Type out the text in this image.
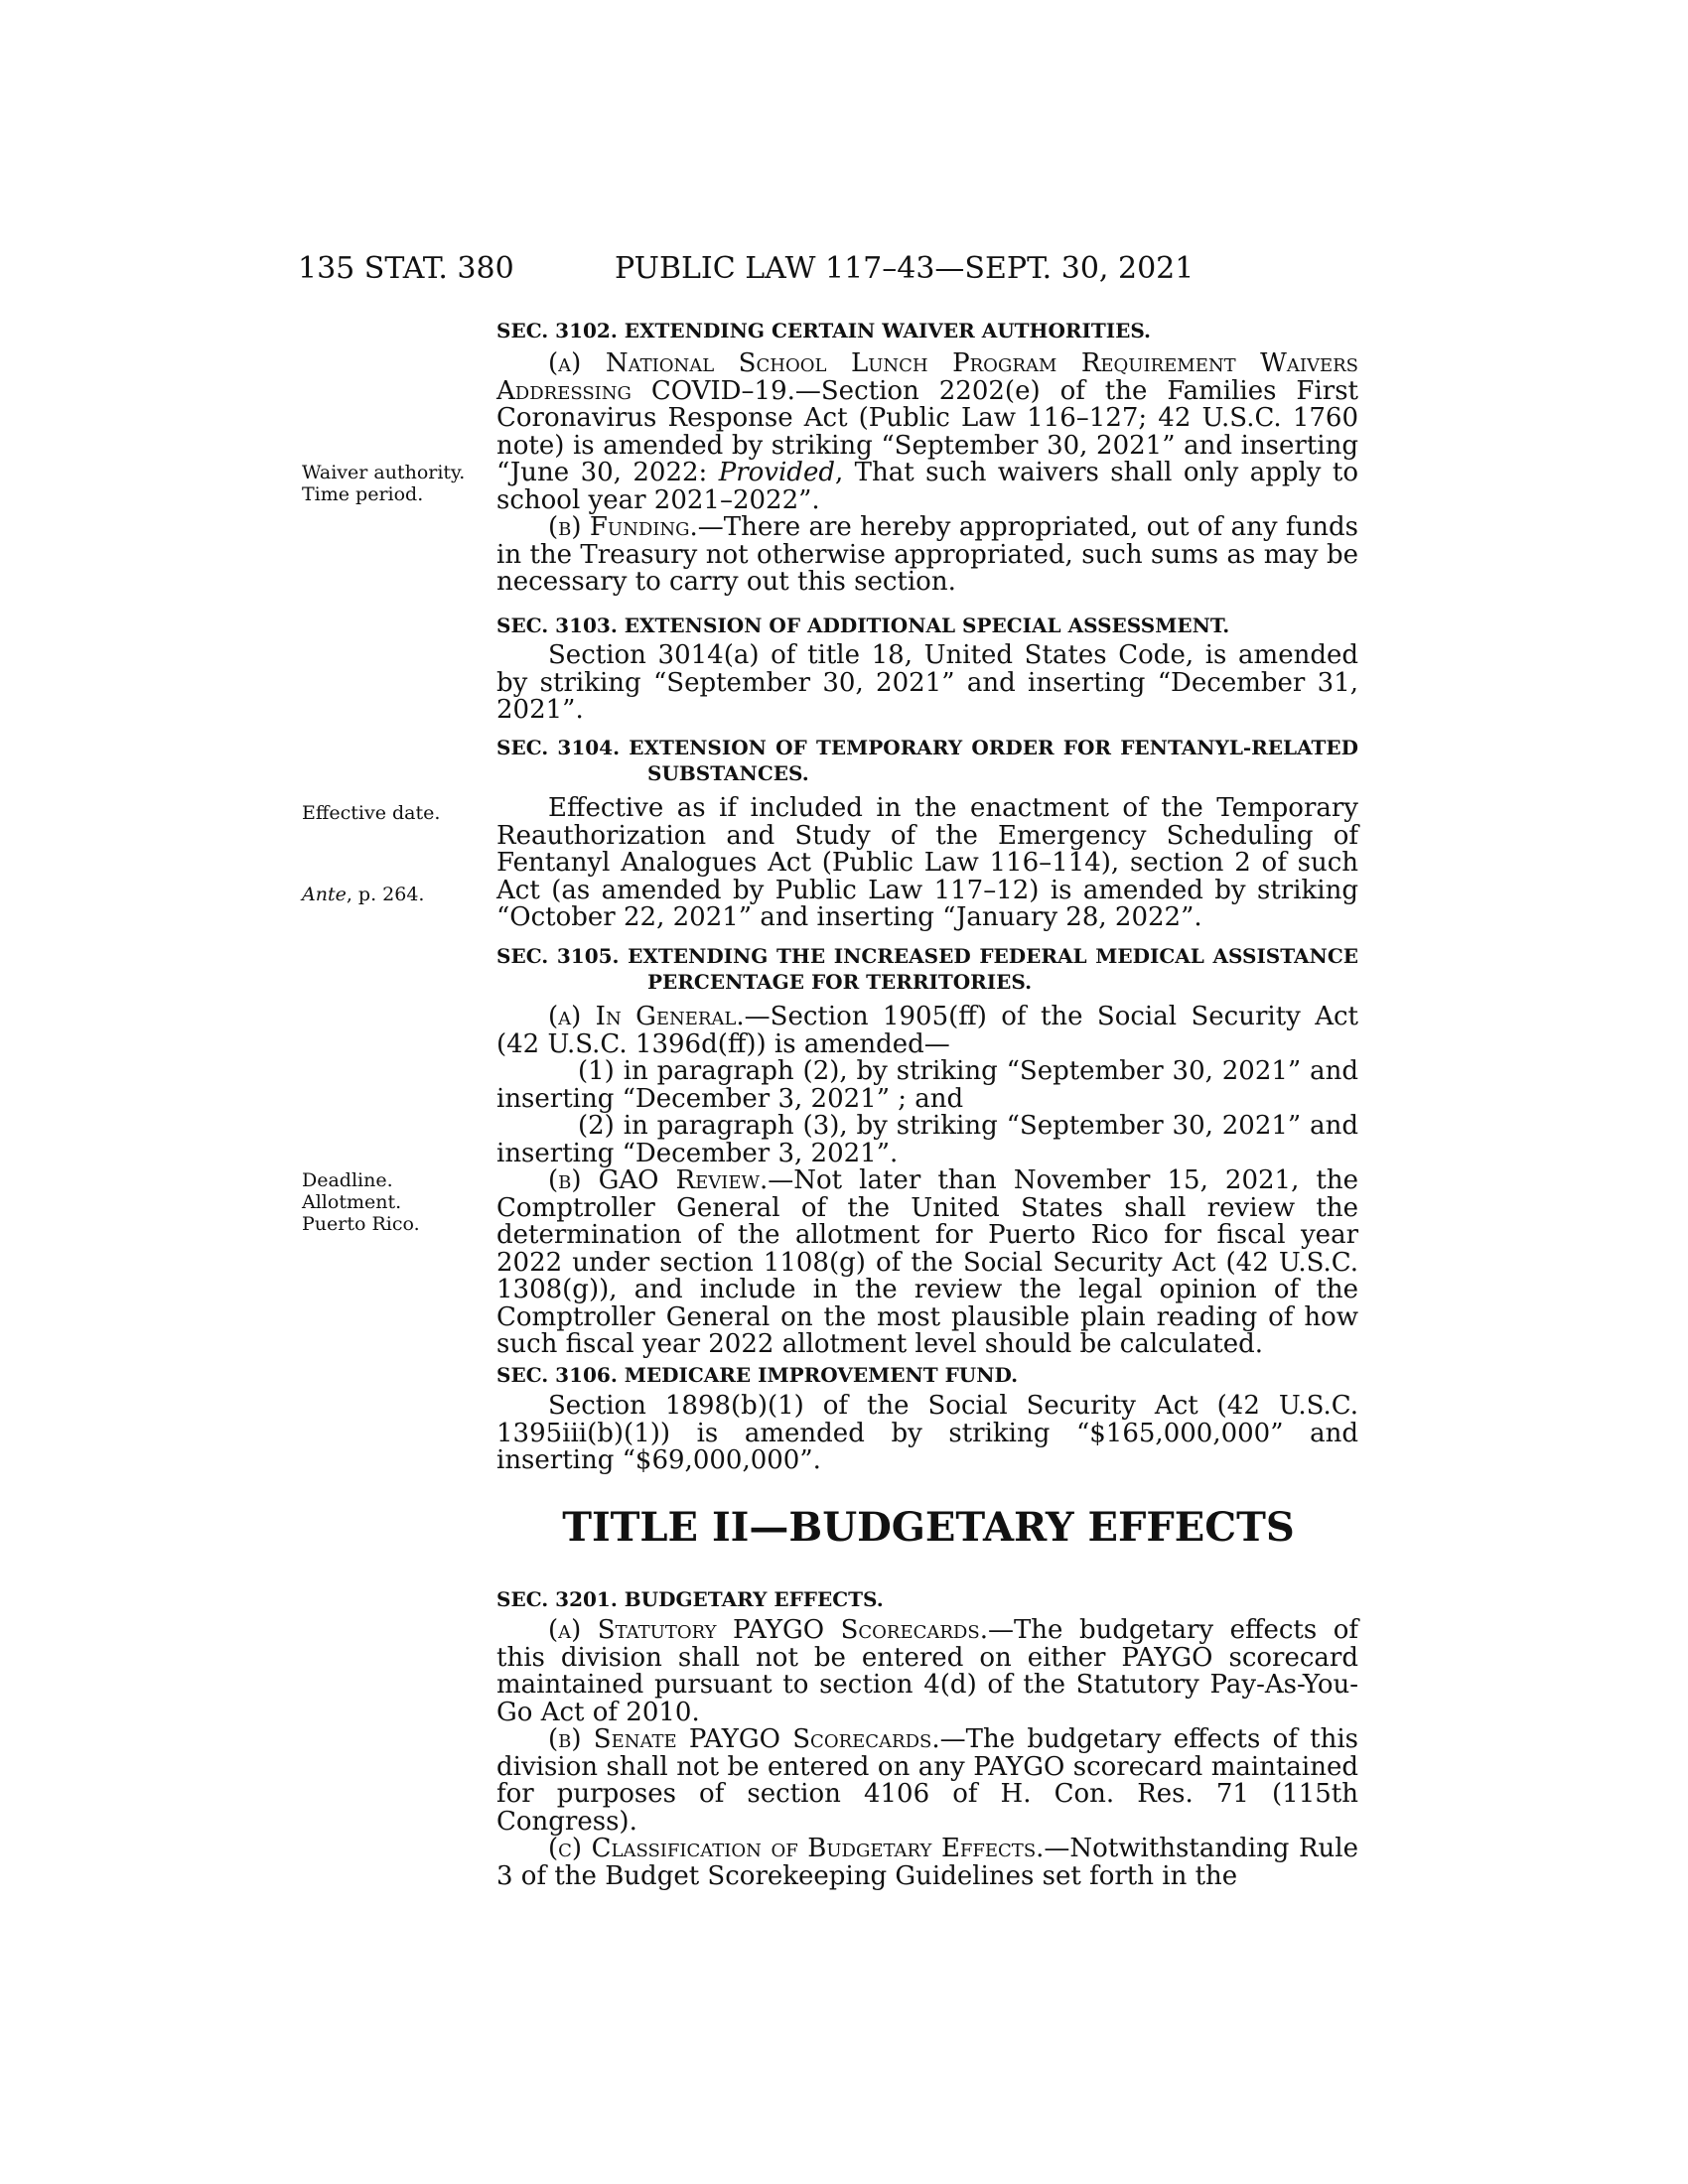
135 STAT. 380	PUBLIC LAW 117–43—SEPT. 30, 2021
SEC. 3102. EXTENDING CERTAIN WAIVER AUTHORITIES.

(a) National School Lunch Program Requirement Waivers Addressing COVID–19.—Section 2202(e) of the Families First Coronavirus Response Act (Public Law 116–127; 42 U.S.C. 1760 note) is amended by striking “September 30, 2021” and inserting “June 30, 2022: Provided, That such waivers shall only apply to school year 2021–2022”.

(b) Funding.—There are hereby appropriated, out of any funds in the Treasury not otherwise appropriated, such sums as may be necessary to carry out this section.

Waiver authority.
Time period.
SEC. 3103. EXTENSION OF ADDITIONAL SPECIAL ASSESSMENT.

Section 3014(a) of title 18, United States Code, is amended by striking “September 30, 2021” and inserting “December 31, 2021”.

SEC. 3104. EXTENSION OF TEMPORARY ORDER FOR FENTANYL-RELATED SUBSTANCES.

Effective as if included in the enactment of the Temporary Reauthorization and Study of the Emergency Scheduling of Fentanyl Analogues Act (Public Law 116–114), section 2 of such Act (as amended by Public Law 117–12) is amended by striking “October 22, 2021” and inserting “January 28, 2022”.

Effective date.
Ante, p. 264.
SEC. 3105. EXTENDING THE INCREASED FEDERAL MEDICAL ASSISTANCE PERCENTAGE FOR TERRITORIES.

(a) In General.—Section 1905(ff) of the Social Security Act (42 U.S.C. 1396d(ff)) is amended—

(1) in paragraph (2), by striking “September 30, 2021” and inserting “December 3, 2021” ; and

(2) in paragraph (3), by striking “September 30, 2021” and inserting “December 3, 2021”.

(b) GAO Review.—Not later than November 15, 2021, the Comptroller General of the United States shall review the determination of the allotment for Puerto Rico for fiscal year 2022 under section 1108(g) of the Social Security Act (42 U.S.C. 1308(g)), and include in the review the legal opinion of the Comptroller General on the most plausible plain reading of how such fiscal year 2022 allotment level should be calculated.

Deadline.
Allotment.
Puerto Rico.
SEC. 3106. MEDICARE IMPROVEMENT FUND.

Section 1898(b)(1) of the Social Security Act (42 U.S.C. 1395iii(b)(1)) is amended by striking “$165,000,000” and inserting “$69,000,000”.

TITLE II—BUDGETARY EFFECTS
SEC. 3201. BUDGETARY EFFECTS.

(a) Statutory PAYGO Scorecards.—The budgetary effects of this division shall not be entered on either PAYGO scorecard maintained pursuant to section 4(d) of the Statutory Pay-As-You-Go Act of 2010.

(b) Senate PAYGO Scorecards.—The budgetary effects of this division shall not be entered on any PAYGO scorecard maintained for purposes of section 4106 of H. Con. Res. 71 (115th Congress).

(c) Classification of Budgetary Effects.—Notwithstanding Rule 3 of the Budget Scorekeeping Guidelines set forth in the
